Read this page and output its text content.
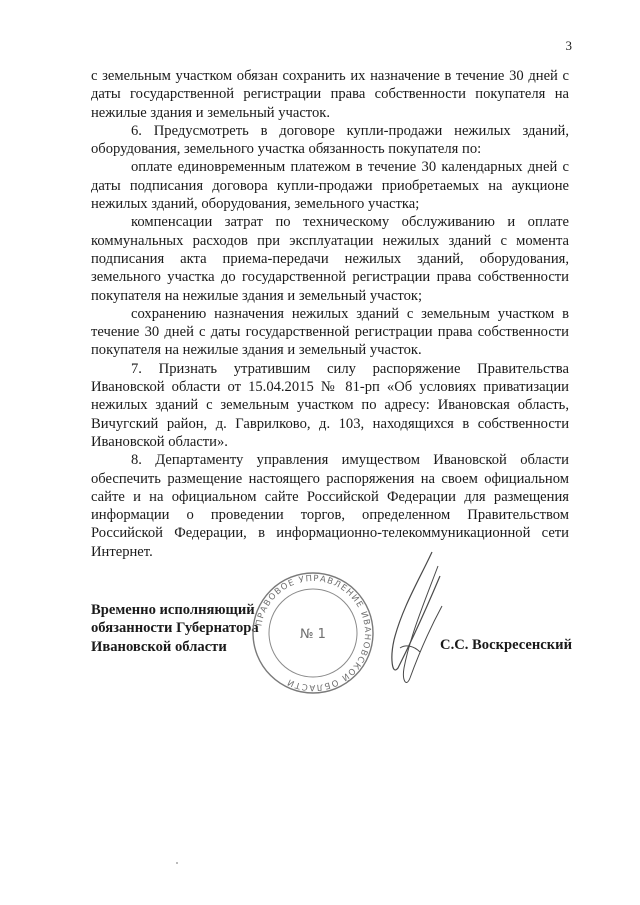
3

с земельным участком обязан сохранить их назначение в течение 30 дней с даты государственной регистрации права собственности покупателя на нежилые здания и земельный участок.

6. Предусмотреть в договоре купли-продажи нежилых зданий, оборудования, земельного участка обязанность покупателя по:

оплате единовременным платежом в течение 30 календарных дней с даты подписания договора купли-продажи приобретаемых на аукционе нежилых зданий, оборудования, земельного участка;

компенсации затрат по техническому обслуживанию и оплате коммунальных расходов при эксплуатации нежилых зданий с момента подписания акта приема-передачи нежилых зданий, оборудования, земельного участка до государственной регистрации права собственности покупателя на нежилые здания и земельный участок;

сохранению назначения нежилых зданий с земельным участком в течение 30 дней с даты государственной регистрации права собственности покупателя на нежилые здания и земельный участок.

7. Признать утратившим силу распоряжение Правительства Ивановской области от 15.04.2015 № 81-рп «Об условиях приватизации нежилых зданий с земельным участком по адресу: Ивановская область, Вичугский район, д. Гаврилково, д. 103, находящихся в собственности Ивановской области».

8. Департаменту управления имуществом Ивановской области обеспечить размещение настоящего распоряжения на своем официальном сайте и на официальном сайте Российской Федерации для размещения информации о проведении торгов, определенном Правительством Российской Федерации, в информационно-телекоммуникационной сети Интернет.

Временно исполняющий
обязанности Губернатора
Ивановской области
ПРАВОВОЕ УПРАВЛЕНИЕ ИВАНОВСКОЙ ОБЛАСТИ
№ 1
С.С. Воскресенский
